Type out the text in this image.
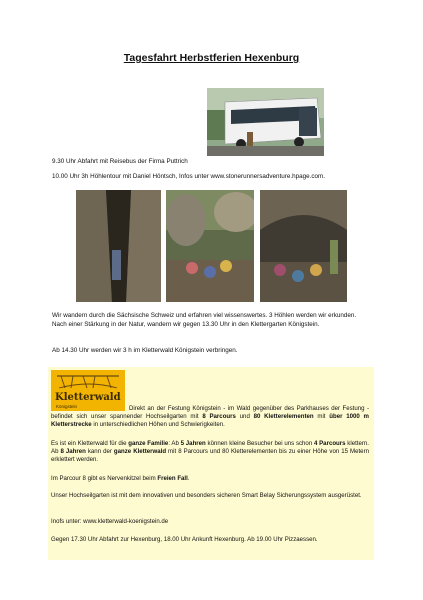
Tagesfahrt Herbstferien Hexenburg
9.30 Uhr Abfahrt mit Reisebus der Firma Puttrich
10.00 Uhr 3h Höhlentour mit Daniel Höntsch, Infos unter www.stonerunnersadventure.hpage.com.
Wir wandern durch die Sächsische Schweiz und erfahren viel wissenswertes. 3 Höhlen werden wir erkunden. Nach einer Stärkung in der Natur, wandern wir gegen 13.30 Uhr in den Klettergarten Königstein.
Ab 14.30 Uhr werden wir 3 h im Kletterwald Königstein verbringen.
Kletterwald
Königstein	Direkt an der Festung Königstein - im Wald gegenüber des Parkhauses der Festung - befindet sich unser spannender Hochseilgarten mit 8 Parcours und 80 Kletterelementen mit über 1000 m Kletterstrecke in unterschiedlichen Höhen und Schwierigkeiten.

Es ist ein Kletterwald für die ganze Familie: Ab 5 Jahren können kleine Besucher bei uns schon 4 Parcours klettern. Ab 8 Jahren kann der ganze Kletterwald mit 8 Parcours und 80 Kletterelementen bis zu einer Höhe von 15 Metern erklettert werden.

Im Parcour 8 gibt es Nervenkitzel beim Freien Fall.

Unser Hochseilgarten ist mit dem innovativen und besonders sicheren Smart Belay Sicherungssystem ausgerüstet.

Inofs unter: www.kletterwald-koenigstein.de

Gegen 17.30 Uhr Abfahrt zur Hexenburg, 18.00 Uhr Ankunft Hexenburg. Ab 19.00 Uhr Pizzaessen.
